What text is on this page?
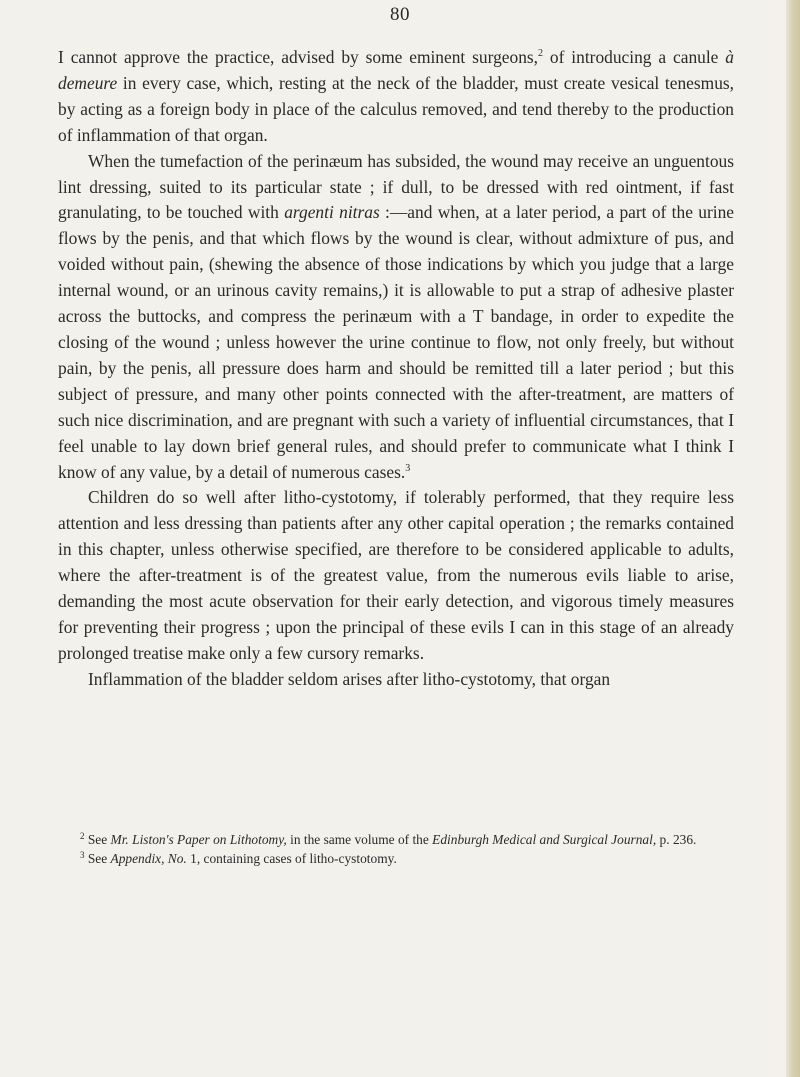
80

I cannot approve the practice, advised by some eminent surgeons,$^2$ of introducing a canule à demeure in every case, which, resting at the neck of the bladder, must create vesical tenesmus, by acting as a foreign body in place of the calculus removed, and tend thereby to the production of inflammation of that organ.

When the tumefaction of the perinæum has subsided, the wound may receive an unguentous lint dressing, suited to its particular state ; if dull, to be dressed with red ointment, if fast granulating, to be touched with argenti nitras :—and when, at a later period, a part of the urine flows by the penis, and that which flows by the wound is clear, without admixture of pus, and voided without pain, (shewing the absence of those indications by which you judge that a large internal wound, or an urinous cavity remains,) it is allowable to put a strap of adhesive plaster across the buttocks, and compress the perinæum with a T bandage, in order to expedite the closing of the wound ; unless however the urine continue to flow, not only freely, but without pain, by the penis, all pressure does harm and should be remitted till a later period ; but this subject of pressure, and many other points connected with the after-treatment, are matters of such nice discrimination, and are pregnant with such a variety of influential circumstances, that I feel unable to lay down brief general rules, and should prefer to communicate what I think I know of any value, by a detail of numerous cases.$^3$

Children do so well after litho-cystotomy, if tolerably performed, that they require less attention and less dressing than patients after any other capital operation ; the remarks contained in this chapter, unless otherwise specified, are therefore to be considered applicable to adults, where the after-treatment is of the greatest value, from the numerous evils liable to arise, demanding the most acute observation for their early detection, and vigorous timely measures for preventing their progress ; upon the principal of these evils I can in this stage of an already prolonged treatise make only a few cursory remarks.

Inflammation of the bladder seldom arises after litho-cystotomy, that organ

$^2$ See Mr. Liston's Paper on Lithotomy, in the same volume of the Edinburgh Medical and Surgical Journal, p. 236.

$^3$ See Appendix, No. 1, containing cases of litho-cystotomy.
